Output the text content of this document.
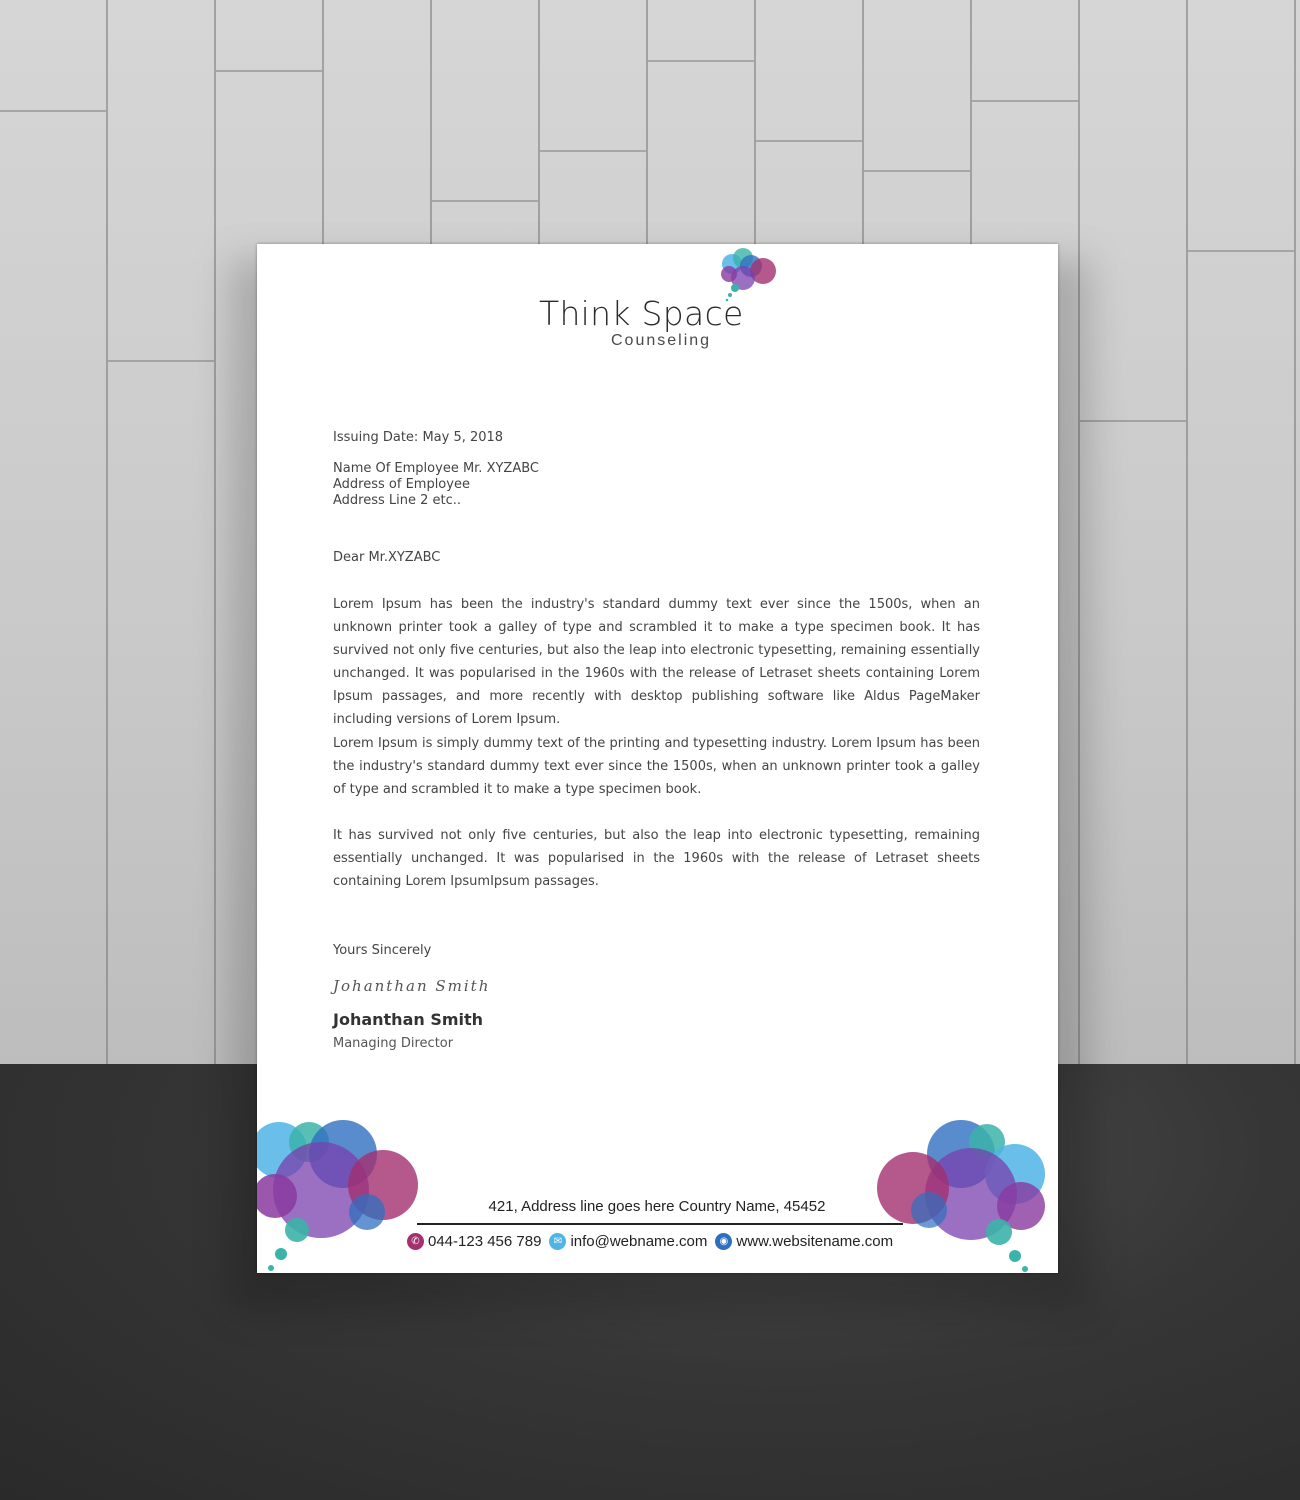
Think Space
Counseling
Issuing Date: May 5, 2018
Name Of Employee Mr. XYZABC
Address of Employee
Address Line 2 etc..
Dear Mr.XYZABC
Lorem Ipsum has been the industry's standard dummy text ever since the 1500s, when an unknown printer took a galley of type and scrambled it to make a type specimen book. It has survived not only five centuries, but also the leap into electronic typesetting, remaining essentially unchanged. It was popularised in the 1960s with the release of Letraset sheets containing Lorem Ipsum passages, and more recently with desktop publishing software like Aldus PageMaker including versions of Lorem Ipsum.
Lorem Ipsum is simply dummy text of the printing and typesetting industry. Lorem Ipsum has been the industry's standard dummy text ever since the 1500s, when an unknown printer took a galley of type and scrambled it to make a type specimen book.
It has survived not only five centuries, but also the leap into electronic typesetting, remaining essentially unchanged. It was popularised in the 1960s with the release of Letraset sheets containing Lorem IpsumIpsum passages.
Yours Sincerely
Johanthan Smith
Johanthan Smith
Managing Director
421, Address line goes here Country Name, 45452
✆ 044-123 456 789	✉ info@webname.com	◉ www.websitename.com
